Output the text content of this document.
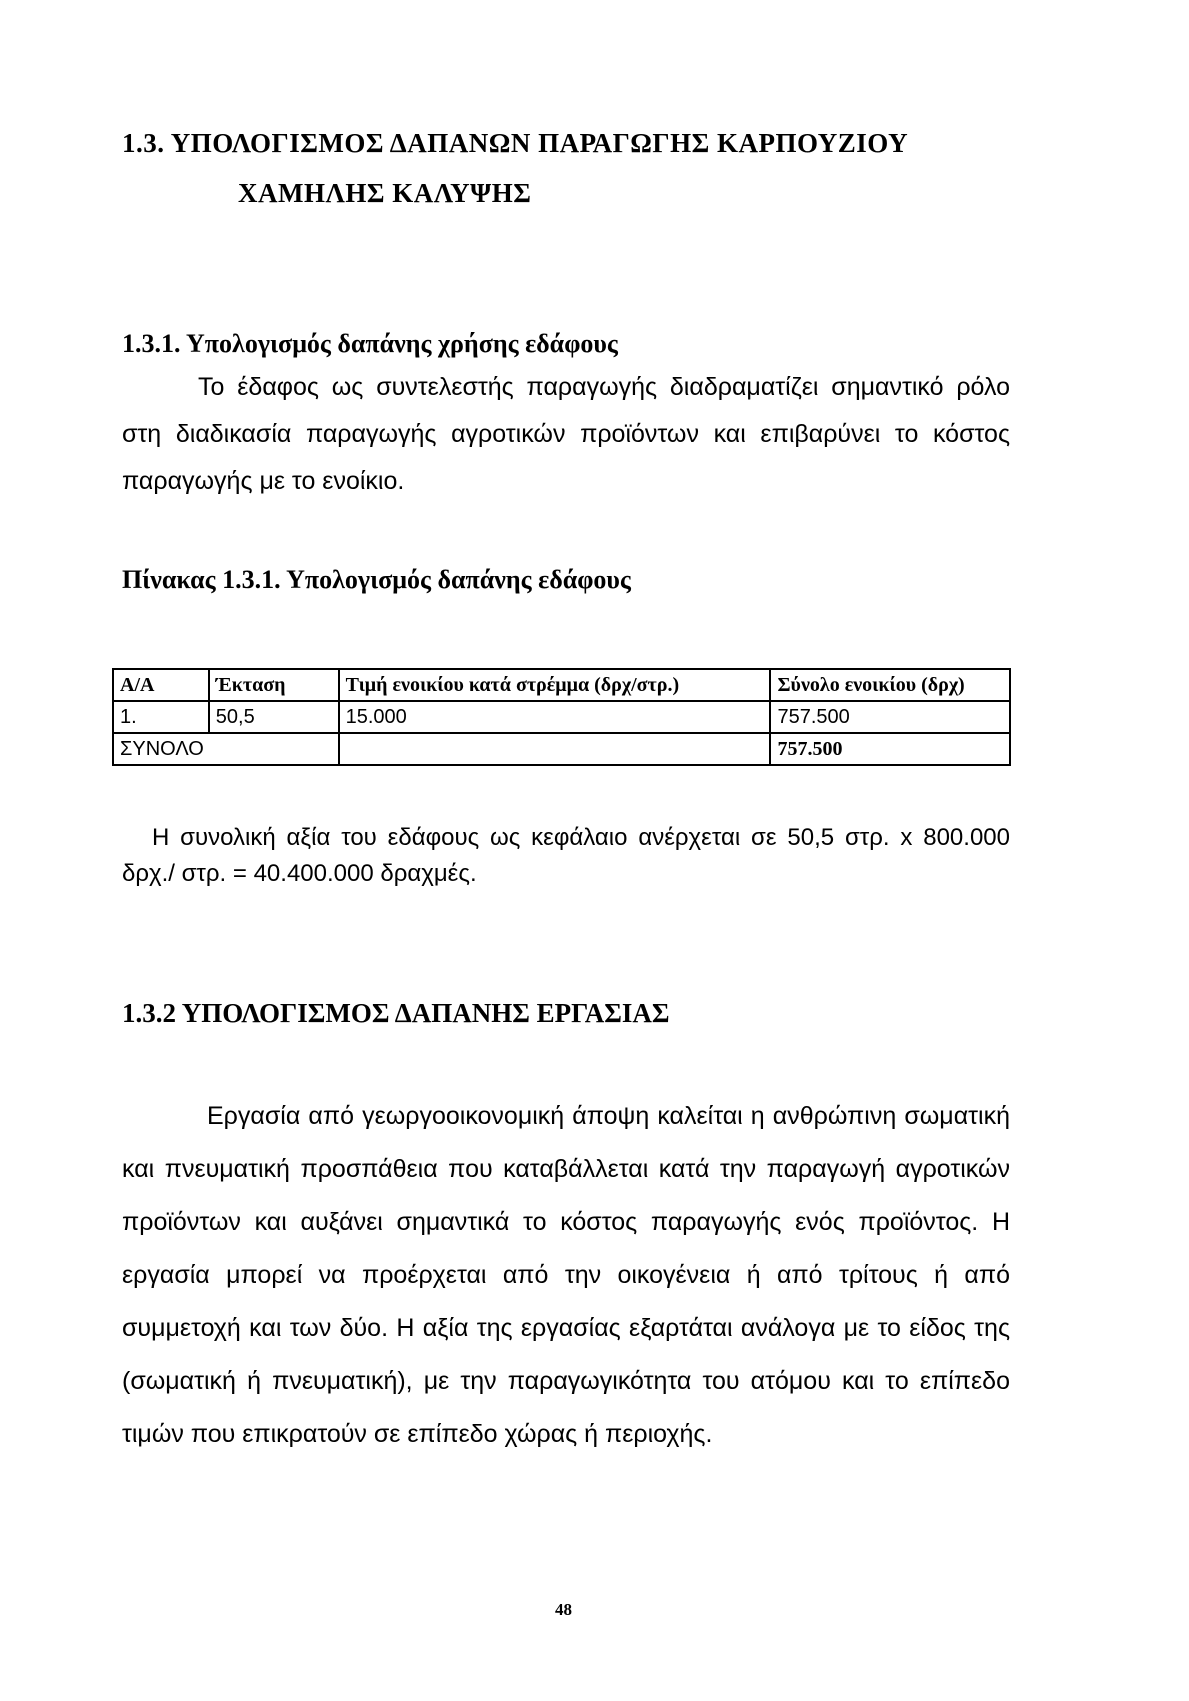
1.3. ΥΠΟΛΟΓΙΣΜΟΣ ΔΑΠΑΝΩΝ ΠΑΡΑΓΩΓΗΣ ΚΑΡΠΟΥΖΙΟΥ
ΧΑΜΗΛΗΣ ΚΑΛΥΨΗΣ
1.3.1. Υπολογισμός δαπάνης χρήσης εδάφους
Το έδαφος ως συντελεστής παραγωγής διαδραματίζει σημαντικό ρόλο στη διαδικασία παραγωγής αγροτικών προϊόντων και επιβαρύνει το κόστος παραγωγής με το ενοίκιο.
Πίνακας 1.3.1. Υπολογισμός δαπάνης εδάφους
Α/Α	Έκταση	Τιμή ενοικίου κατά στρέμμα (δρχ/στρ.)	Σύνολο ενοικίου (δρχ)
1.	50,5	15.000	757.500
ΣΥΝΟΛΟ			757.500
Η συνολική αξία του εδάφους ως κεφάλαιο ανέρχεται σε 50,5 στρ. x 800.000 δρχ./ στρ. = 40.400.000 δραχμές.
1.3.2 ΥΠΟΛΟΓΙΣΜΟΣ ΔΑΠΑΝΗΣ ΕΡΓΑΣΙΑΣ
Εργασία από γεωργοοικονομική άποψη καλείται η ανθρώπινη σωματική και πνευματική προσπάθεια που καταβάλλεται κατά την παραγωγή αγροτικών προϊόντων και αυξάνει σημαντικά το κόστος παραγωγής ενός προϊόντος. Η εργασία μπορεί να προέρχεται από την οικογένεια ή από τρίτους ή από συμμετοχή και των δύο. Η αξία της εργασίας εξαρτάται ανάλογα με το είδος της (σωματική ή πνευματική), με την παραγωγικότητα του ατόμου και το επίπεδο τιμών που επικρατούν σε επίπεδο χώρας ή περιοχής.
48
